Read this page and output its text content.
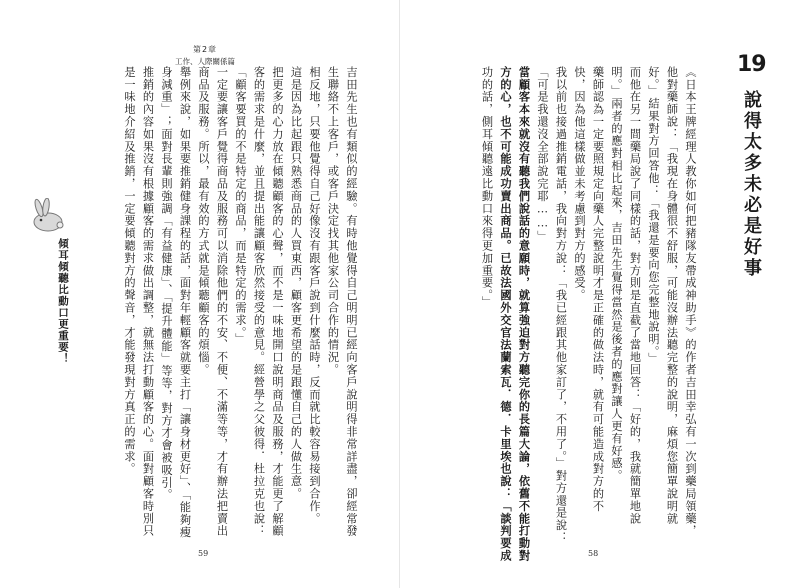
第2章
工作、人際關係篇
吉田先生也有類似的經驗。有時他覺得自己明明已經向客戶說明得非常詳盡，卻經常發
生聯絡不上客戶，或客戶決定找其他家公司合作的情況。
相反地，只要他覺得自己好像沒有跟客戶說到什麼話時，反而就比較容易接到合作。
這是因為比起跟只熟悉商品的人買東西，顧客更希望的是跟懂自己的人做生意。
把更多的心力放在傾聽顧客的心聲，而不是一味地開口說明商品及服務，才能更了解顧
客的需求是什麼，並且提出能讓顧客欣然接受的意見。經營學之父彼得．杜拉克也說：
「顧客要買的不是特定的商品，而是特定的需求。」
一定要讓客戶覺得商品及服務可以消除他們的不安、不便、不滿等等，才有辦法把賣出
商品及服務。所以，最有效的方式就是傾聽顧客的煩惱。
舉例來說，如果要推銷健身課程的話，面對年輕顧客就要主打「讓身材更好」、「能夠瘦
身減重」；面對長輩則強調「有益健康」、「提升體能」等等，對方才會被吸引。
推銷的內容如果沒有根據顧客的需求做出調整，就無法打動顧客的心。面對顧客時別只
是一味地介紹及推銷，一定要傾聽對方的聲音，才能發現對方真正的需求。
傾耳傾聽比動口更重要！
59
《日本王牌經理人教你如何把豬隊友帶成神助手》的作者吉田幸弘有一次到藥局領藥，
他對藥師說：「我現在身體很不舒服，可能沒辦法聽完整的說明，麻煩您簡單說明就
好。」結果對方回答他：「我還是要向您完整地說明。」
而他在另一間藥局說了同樣的話，對方則是直截了當地回答：「好的，我就簡單地說
明。」兩者的應對相比起來，吉田先生覺得當然是後者的應對讓人更有好感。
藥師認為一定要照規定向藥人完整說明才是正確的做法時，就有可能造成對方的不
快，因為他這樣做並未考慮到對方的感受。
我以前也接過推銷電話，我向對方說：「我已經跟其他家訂了，不用了。」對方還是說：
「可是我還沒全部說完耶……」
當顧客本來就沒有聽我們說話的意願時，就算強迫對方聽完你的長篇大論，依舊不能打動對
方的心，也不可能成功賣出商品。已故法國外交官法蘭索瓦．德．卡里埃也說：「談判要成
功的話，側耳傾聽遠比動口來得更加重要。」
58
19
說得太多未必是好事
